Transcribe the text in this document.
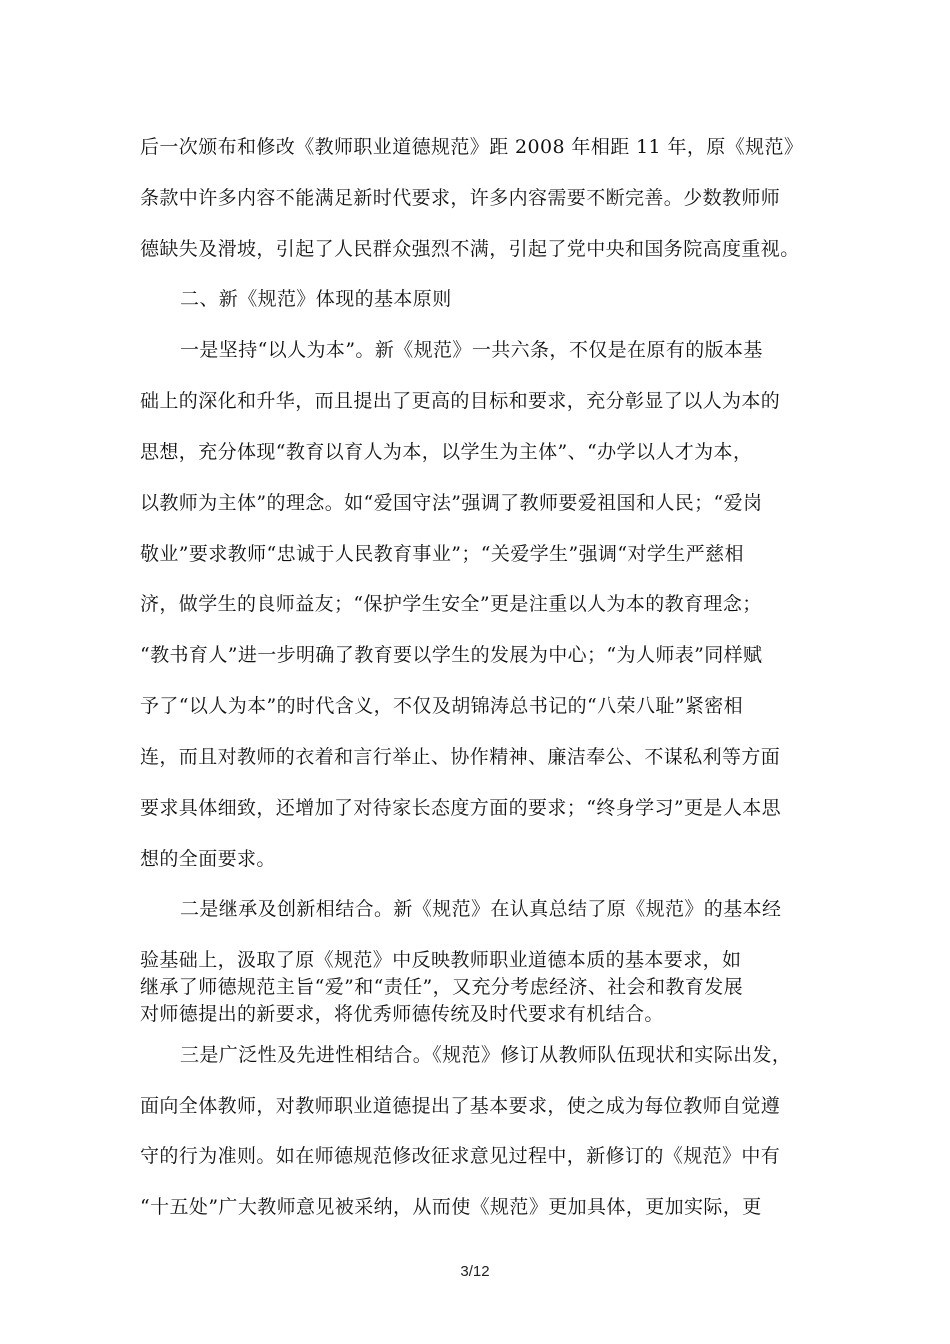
后一次颁布和修改《教师职业道德规范》距 2008 年相距 11 年，原《规范》
条款中许多内容不能满足新时代要求，许多内容需要不断完善。少数教师师
德缺失及滑坡，引起了人民群众强烈不满，引起了党中央和国务院高度重视。
二、新《规范》体现的基本原则
一是坚持“以人为本”。新《规范》一共六条，不仅是在原有的版本基
础上的深化和升华，而且提出了更高的目标和要求，充分彰显了以人为本的
思想，充分体现“教育以育人为本，以学生为主体”、“办学以人才为本，
以教师为主体”的理念。如“爱国守法”强调了教师要爱祖国和人民；“爱岗
敬业”要求教师“忠诚于人民教育事业”；“关爱学生”强调“对学生严慈相
济，做学生的良师益友；“保护学生安全”更是注重以人为本的教育理念；
“教书育人”进一步明确了教育要以学生的发展为中心；“为人师表”同样赋
予了“以人为本”的时代含义，不仅及胡锦涛总书记的“八荣八耻”紧密相
连，而且对教师的衣着和言行举止、协作精神、廉洁奉公、不谋私利等方面
要求具体细致，还增加了对待家长态度方面的要求；“终身学习”更是人本思
想的全面要求。
二是继承及创新相结合。新《规范》在认真总结了原《规范》的基本经
验基础上，汲取了原《规范》中反映教师职业道德本质的基本要求，如
继承了师德规范主旨“爱”和“责任”，又充分考虑经济、社会和教育发展
对师德提出的新要求，将优秀师德传统及时代要求有机结合。
三是广泛性及先进性相结合。《规范》修订从教师队伍现状和实际出发，
面向全体教师，对教师职业道德提出了基本要求，使之成为每位教师自觉遵
守的行为准则。如在师德规范修改征求意见过程中，新修订的《规范》中有
“十五处”广大教师意见被采纳，从而使《规范》更加具体，更加实际，更
3/12
